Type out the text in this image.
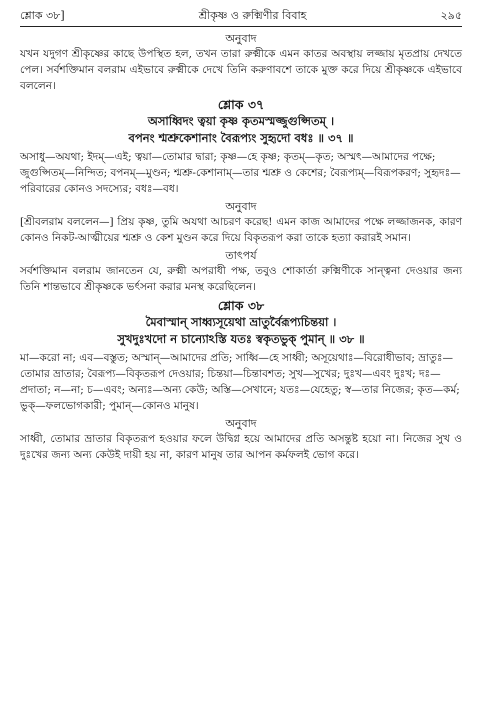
শ্লোক ৩৮]	শ্রীকৃষ্ণ ও রুক্মিণীর বিবাহ	২৯৫
অনুবাদ

যখন যদুগণ শ্রীকৃষ্ণের কাছে উপস্থিত হল, তখন তারা রুক্মীকে এমন কাতর অবস্থায় লজ্জায় মৃতপ্রায় দেখতে পেল। সর্বশক্তিমান বলরাম এইভাবে রুক্মীকে দেখে তিনি করুণাবশে তাকে মুক্ত করে দিয়ে শ্রীকৃষ্ণকে এইভাবে বললেন।

শ্লোক ৩৭
অসাধ্বিদং ত্বয়া কৃষ্ণ কৃতমস্মজ্জুগুপ্সিতম্ ।
বপনং শ্মশ্রুকেশানাং বৈরূপ্যং সুহৃদো বধঃ ॥ ৩৭ ॥

অসাধু—অযথা; ইদম্—এই; ত্বয়া—তোমার দ্বারা; কৃষ্ণ—হে কৃষ্ণ; কৃতম্—কৃত; অস্মৎ—আমাদের পক্ষে; জুগুপ্সিতম্—নিন্দিত; বপনম্—মুণ্ডন; শ্মশ্রু-কেশানাম্—তার শ্মশ্রু ও কেশের; বৈরূপ্যম্—বিরূপকরণ; সুহৃদঃ—পরিবারের কোনও সদস্যের; বধঃ—বধ।

অনুবাদ

[শ্রীবলরাম বললেন—] প্রিয় কৃষ্ণ, তুমি অযথা আচরণ করেছ! এমন কাজ আমাদের পক্ষে লজ্জাজনক, কারণ কোনও নিকট-আত্মীয়ের শ্মশ্রু ও কেশ মুণ্ডন করে দিয়ে বিকৃতরূপ করা তাকে হত্যা করারই সমান।

তাৎপর্য

সর্বশক্তিমান বলরাম জানতেন যে, রুক্মী অপরাধী পক্ষ, তবুও শোকার্তা রুক্মিণীকে সান্ত্বনা দেওয়ার জন্য তিনি শান্তভাবে শ্রীকৃষ্ণকে ভর্ৎসনা করার মনস্থ করেছিলেন।

শ্লোক ৩৮
মৈবাস্মান্ সাধ্ব্যসূয়েথা ভ্রাতুর্বৈরূপ্যচিন্তয়া ।
সুখদুঃখদো ন চান্যোঽস্তি যতঃ স্বকৃতভুক্ পুমান্ ॥ ৩৮ ॥

মা—করো না; এব—বস্তুত; অস্মান্—আমাদের প্রতি; সাধ্বি—হে সাধ্বী; অসূয়েথাঃ—বিরোধীভাব; ভ্রাতুঃ—তোমার ভ্রাতার; বৈরূপ্য—বিকৃতরূপ দেওয়ার; চিন্তয়া—চিন্তাবশত; সুখ—সুখের; দুঃখ—এবং দুঃখ; দঃ—প্রদাতা; ন—না; চ—এবং; অন্যঃ—অন্য কেউ; অস্তি—সেখানে; যতঃ—যেহেতু; স্ব—তার নিজের; কৃত—কর্ম; ভুক্—ফলভোগকারী; পুমান্—কোনও মানুষ।

অনুবাদ

সাধ্বী, তোমার ভ্রাতার বিকৃতরূপ হওয়ার ফলে উদ্বিগ্ন হয়ে আমাদের প্রতি অসন্তুষ্ট হয়ো না। নিজের সুখ ও দুঃখের জন্য অন্য কেউই দায়ী হয় না, কারণ মানুষ তার আপন কর্মফলই ভোগ করে।
